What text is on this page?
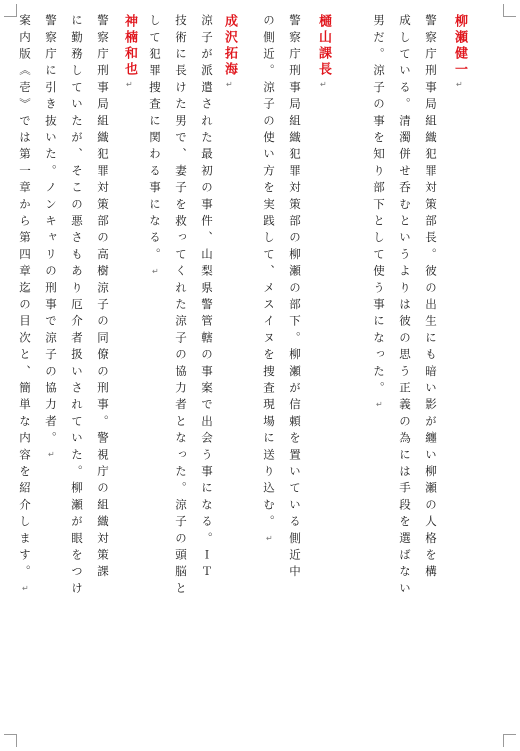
柳瀬健一
警察庁刑事局組織犯罪対策部長。彼の出生にも暗い影が纏い柳瀬の人格を構
成している。清濁併せ呑むというよりは彼の思う正義の為には手段を選ばない
男だ。涼子の事を知り部下として使う事になった。
樋山課長
警察庁刑事局組織犯罪対策部の柳瀬の部下。柳瀬が信頼を置いている側近中
の側近。涼子の使い方を実践して、メスイヌを捜査現場に送り込む。
成沢拓海
涼子が派遣された最初の事件、山梨県警管轄の事案で出会う事になる。ＩＴ
技術に長けた男で、妻子を救ってくれた涼子の協力者となった。涼子の頭脳と
して犯罪捜査に関わる事になる。
神楠和也
警察庁刑事局組織犯罪対策部の高樹涼子の同僚の刑事。警視庁の組織対策課
に勤務していたが、そこの悪さもあり厄介者扱いされていた。柳瀬が眼をつけ
警察庁に引き抜いた。ノンキャリの刑事で涼子の協力者。
案内版《壱》では第一章から第四章迄の目次と、簡単な内容を紹介します。	↵
↵
↵
↵
↵
↵
↵
↵
↵
